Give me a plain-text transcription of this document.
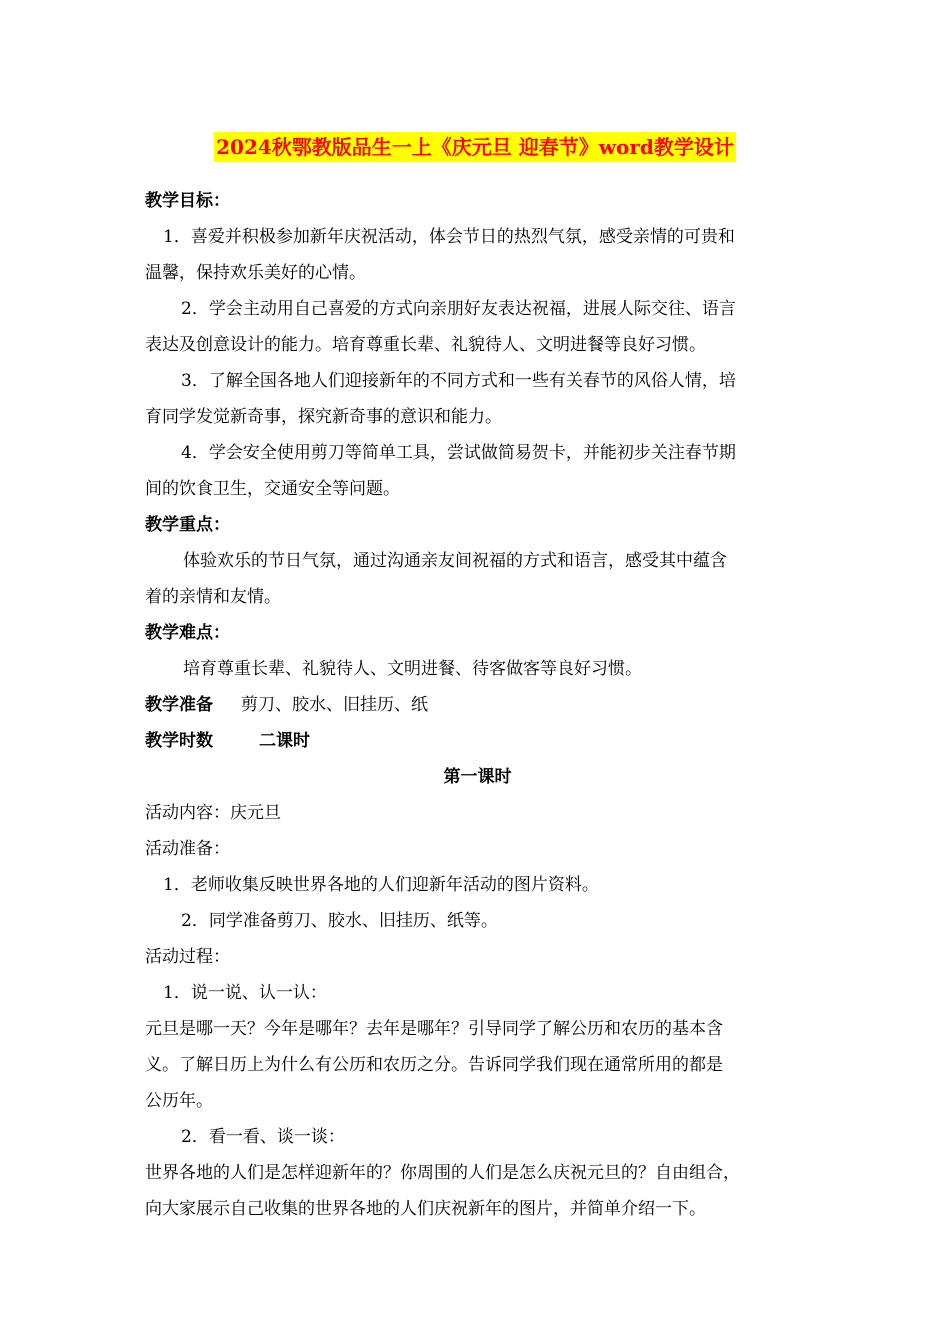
2024秋鄂教版品生一上《庆元旦 迎春节》word教学设计
教学目标：
1．喜爱并积极参加新年庆祝活动，体会节日的热烈气氛，感受亲情的可贵和
温馨，保持欢乐美好的心情。
2．学会主动用自己喜爱的方式向亲朋好友表达祝福，进展人际交往、语言
表达及创意设计的能力。培育尊重长辈、礼貌待人、文明进餐等良好习惯。
3．了解全国各地人们迎接新年的不同方式和一些有关春节的风俗人情，培
育同学发觉新奇事，探究新奇事的意识和能力。
4．学会安全使用剪刀等简单工具，尝试做简易贺卡，并能初步关注春节期
间的饮食卫生，交通安全等问题。
教学重点：
体验欢乐的节日气氛，通过沟通亲友间祝福的方式和语言，感受其中蕴含
着的亲情和友情。
教学难点：
培育尊重长辈、礼貌待人、文明进餐、待客做客等良好习惯。
教学准备 剪刀、胶水、旧挂历、纸
教学时数	二课时
第一课时
活动内容：庆元旦
活动准备：
1．老师收集反映世界各地的人们迎新年活动的图片资料。
2．同学准备剪刀、胶水、旧挂历、纸等。
活动过程：
1．说一说、认一认：
元旦是哪一天？今年是哪年？去年是哪年？引导同学了解公历和农历的基本含
义。了解日历上为什么有公历和农历之分。告诉同学我们现在通常所用的都是
公历年。
2．看一看、谈一谈：
世界各地的人们是怎样迎新年的？你周围的人们是怎么庆祝元旦的？自由组合，
向大家展示自己收集的世界各地的人们庆祝新年的图片，并简单介绍一下。
